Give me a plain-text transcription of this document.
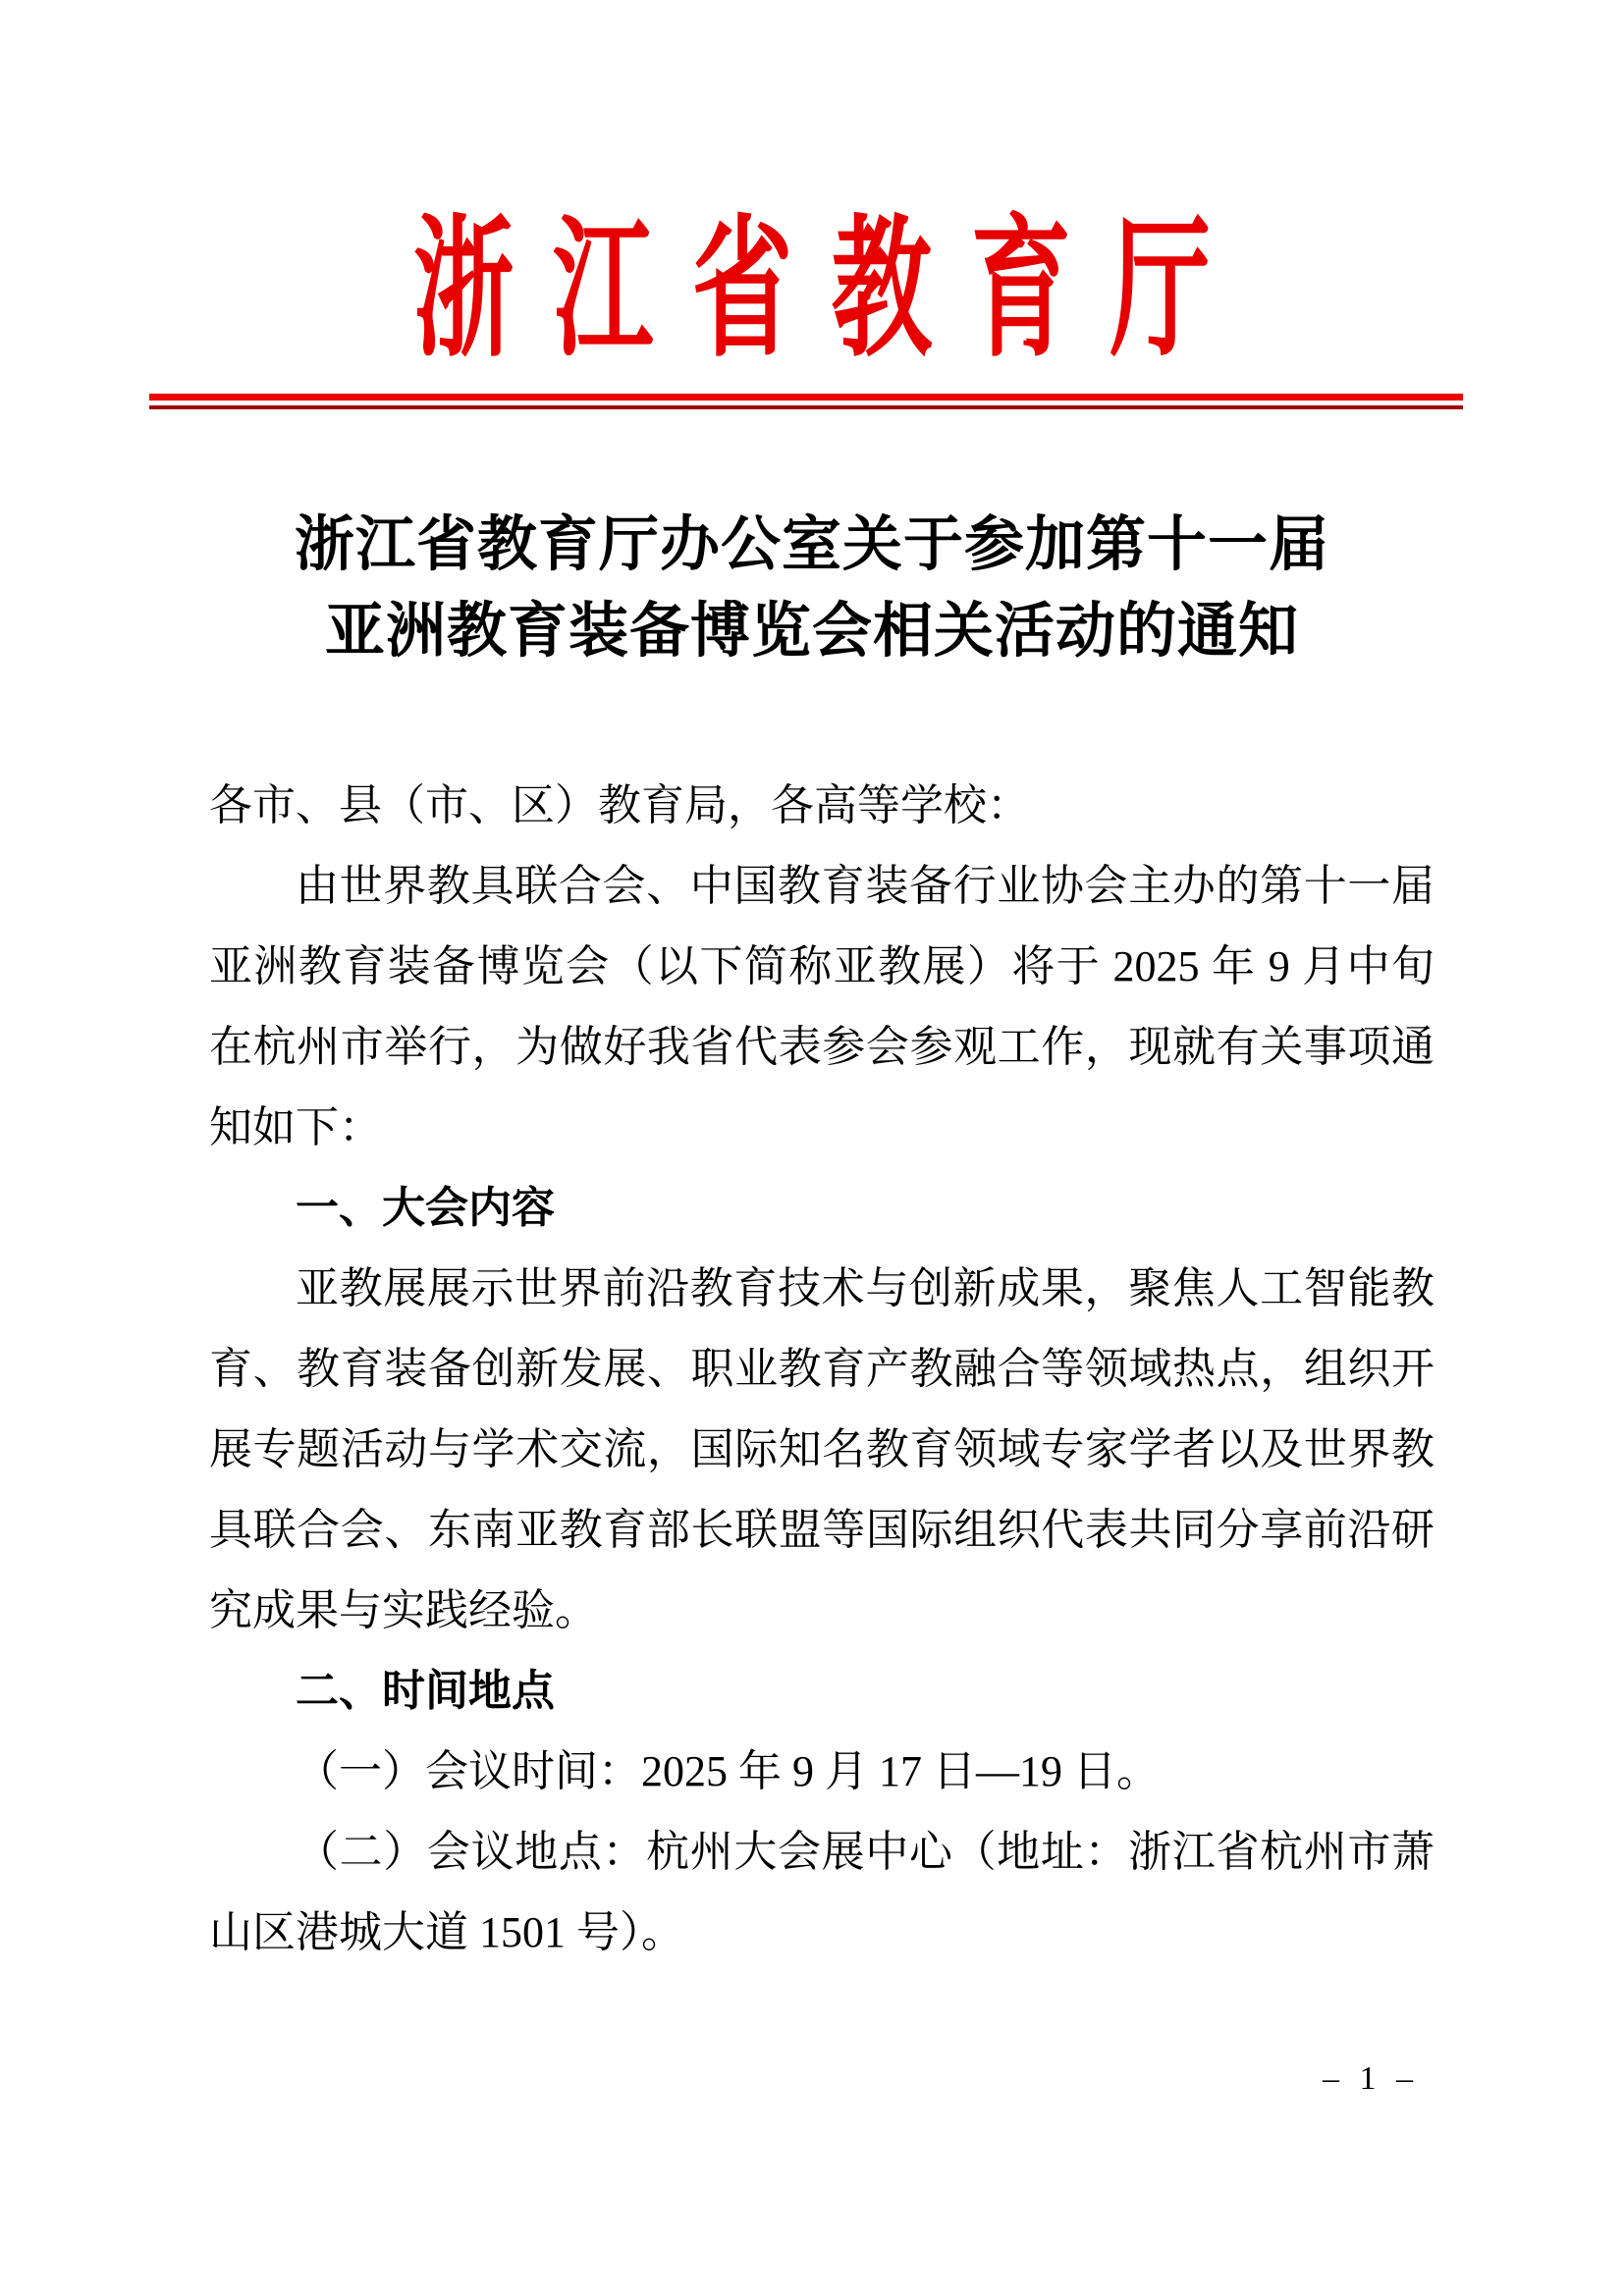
浙江省教育厅
浙江省教育厅办公室关于参加第十一届
亚洲教育装备博览会相关活动的通知

各市、县（市、区）教育局，各高等学校：

由世界教具联合会、中国教育装备行业协会主办的第十一届亚洲教育装备博览会（以下简称亚教展）将于 2025 年 9 月中旬在杭州市举行，为做好我省代表参会参观工作，现就有关事项通知如下：

一、大会内容

亚教展展示世界前沿教育技术与创新成果，聚焦人工智能教育、教育装备创新发展、职业教育产教融合等领域热点，组织开展专题活动与学术交流，国际知名教育领域专家学者以及世界教具联合会、东南亚教育部长联盟等国际组织代表共同分享前沿研究成果与实践经验。

二、时间地点

（一）会议时间：2025 年 9 月 17 日—19 日。

（二）会议地点：杭州大会展中心（地址：浙江省杭州市萧山区港城大道 1501 号）。

– 1 –
